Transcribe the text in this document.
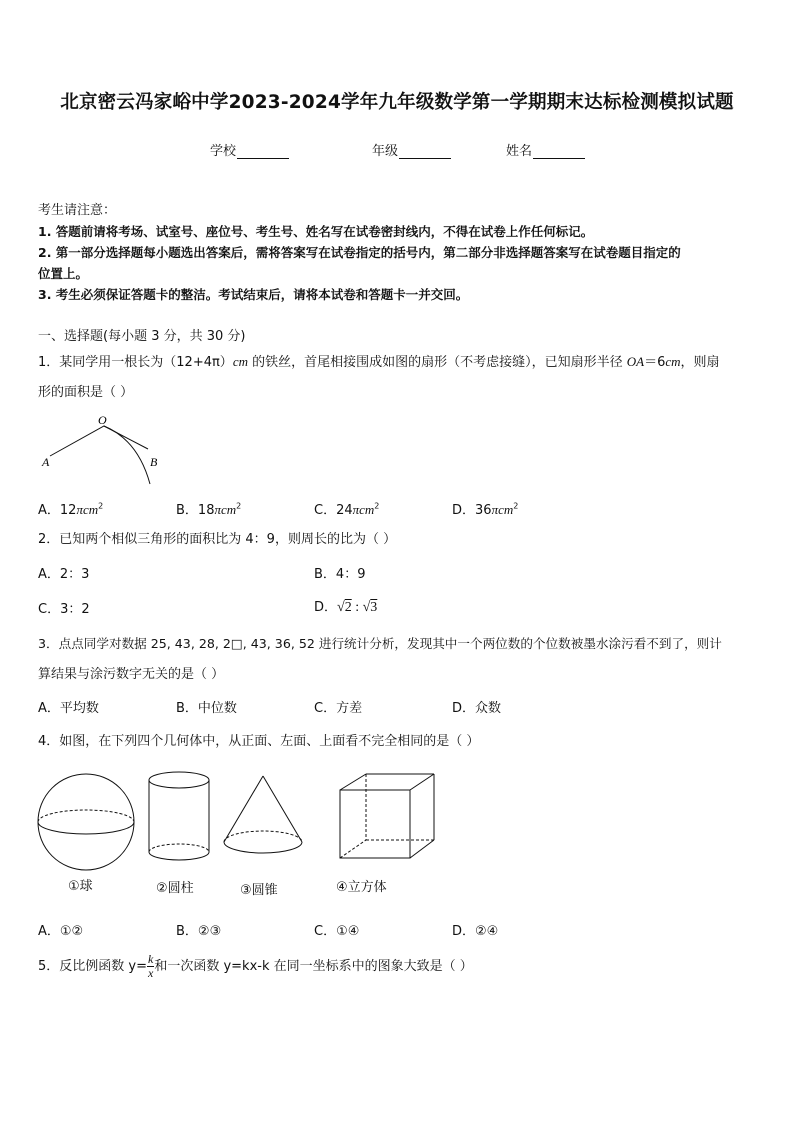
北京密云冯家峪中学2023-2024学年九年级数学第一学期期末达标检测模拟试题
学校	年级	姓名
考生请注意：
1. 答题前请将考场、试室号、座位号、考生号、姓名写在试卷密封线内，不得在试卷上作任何标记。
2. 第一部分选择题每小题选出答案后，需将答案写在试卷指定的括号内，第二部分非选择题答案写在试卷题目指定的
位置上。
3. 考生必须保证答题卡的整洁。考试结束后，请将本试卷和答题卡一并交回。
一、选择题(每小题 3 分，共 30 分)
1．某同学用一根长为（12+4π）cm 的铁丝，首尾相接围成如图的扇形（不考虑接缝），已知扇形半径 OA＝6cm，则扇
形的面积是（ ）
O
A	B
A．12πcm$^2$	B．18πcm$^2$	C．24πcm$^2$	D．36πcm$^2$
2．已知两个相似三角形的面积比为 4：9，则周长的比为（ ）
A．2：3	B．4：9
C．3：2	D．√2 : √3
3．点点同学对数据 25, 43, 28, 2□, 43, 36, 52 进行统计分析，发现其中一个两位数的个位数被墨水涂污看不到了，则计
算结果与涂污数字无关的是（ ）
A．平均数	B．中位数	C．方差	D．众数
4．如图，在下列四个几何体中，从正面、左面、上面看不完全相同的是（ ）
①球	②圆柱	③圆锥	④立方体
A．①②	B．②③	C．①④	D．②④
5．反比例函数 $y= \frac{k}{x}$ 和一次函数 y=kx-k 在同一坐标系中的图象大致是（ ）
